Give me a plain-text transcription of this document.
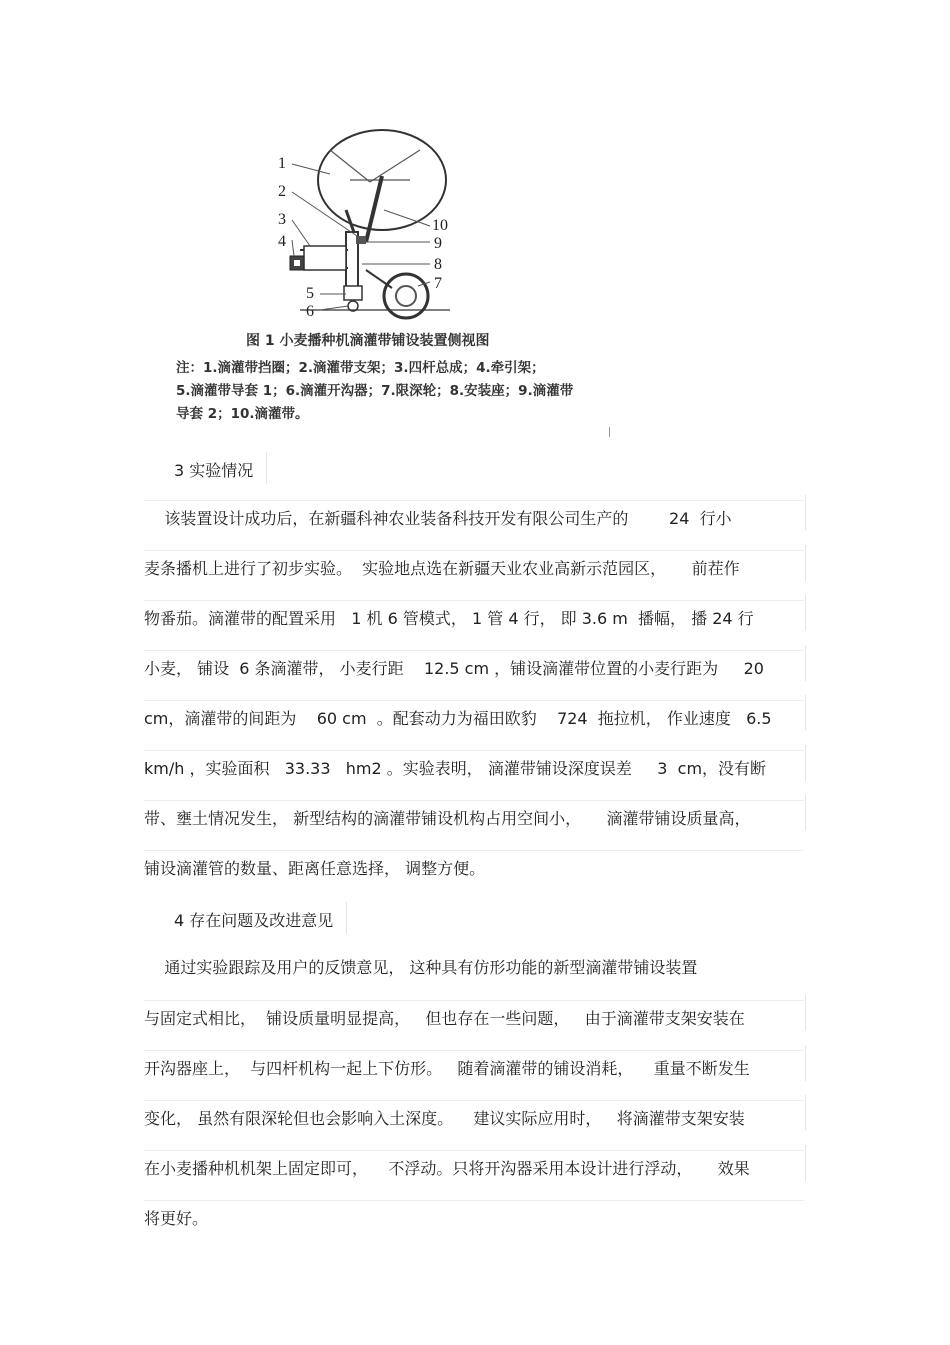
1
2
3
4
5
6
10
9
8
7
图 1 小麦播种机滴灌带铺设装置侧视图
注：1.滴灌带挡圈；2.滴灌带支架；3.四杆总成；4.牵引架；
5.滴灌带导套 1；6.滴灌开沟器；7.限深轮；8.安装座；9.滴灌带
导套 2；10.滴灌带。
3 实验情况
该装置设计成功后，在新疆科神农业装备科技开发有限公司生产的        24  行小
麦条播机上进行了初步实验。  实验地点选在新疆天业农业高新示范园区，     前茬作
物番茄。滴灌带的配置采用   1 机 6 管模式， 1 管 4 行， 即 3.6 m  播幅， 播 24 行
小麦， 铺设  6 条滴灌带， 小麦行距    12.5 cm ，铺设滴灌带位置的小麦行距为     20
cm，滴灌带的间距为    60 cm  。配套动力为福田欧豹    724  拖拉机， 作业速度   6.5
km/h ，实验面积   33.33   hm2 。实验表明， 滴灌带铺设深度误差     3  cm，没有断
带、壅土情况发生， 新型结构的滴灌带铺设机构占用空间小，     滴灌带铺设质量高，
铺设滴灌管的数量、距离任意选择， 调整方便。
4 存在问题及改进意见
通过实验跟踪及用户的反馈意见， 这种具有仿形功能的新型滴灌带铺设装置
与固定式相比，  铺设质量明显提高，   但也存在一些问题，   由于滴灌带支架安装在
开沟器座上，  与四杆机构一起上下仿形。   随着滴灌带的铺设消耗，    重量不断发生
变化， 虽然有限深轮但也会影响入土深度。    建议实际应用时，   将滴灌带支架安装
在小麦播种机机架上固定即可，    不浮动。只将开沟器采用本设计进行浮动，     效果
将更好。
